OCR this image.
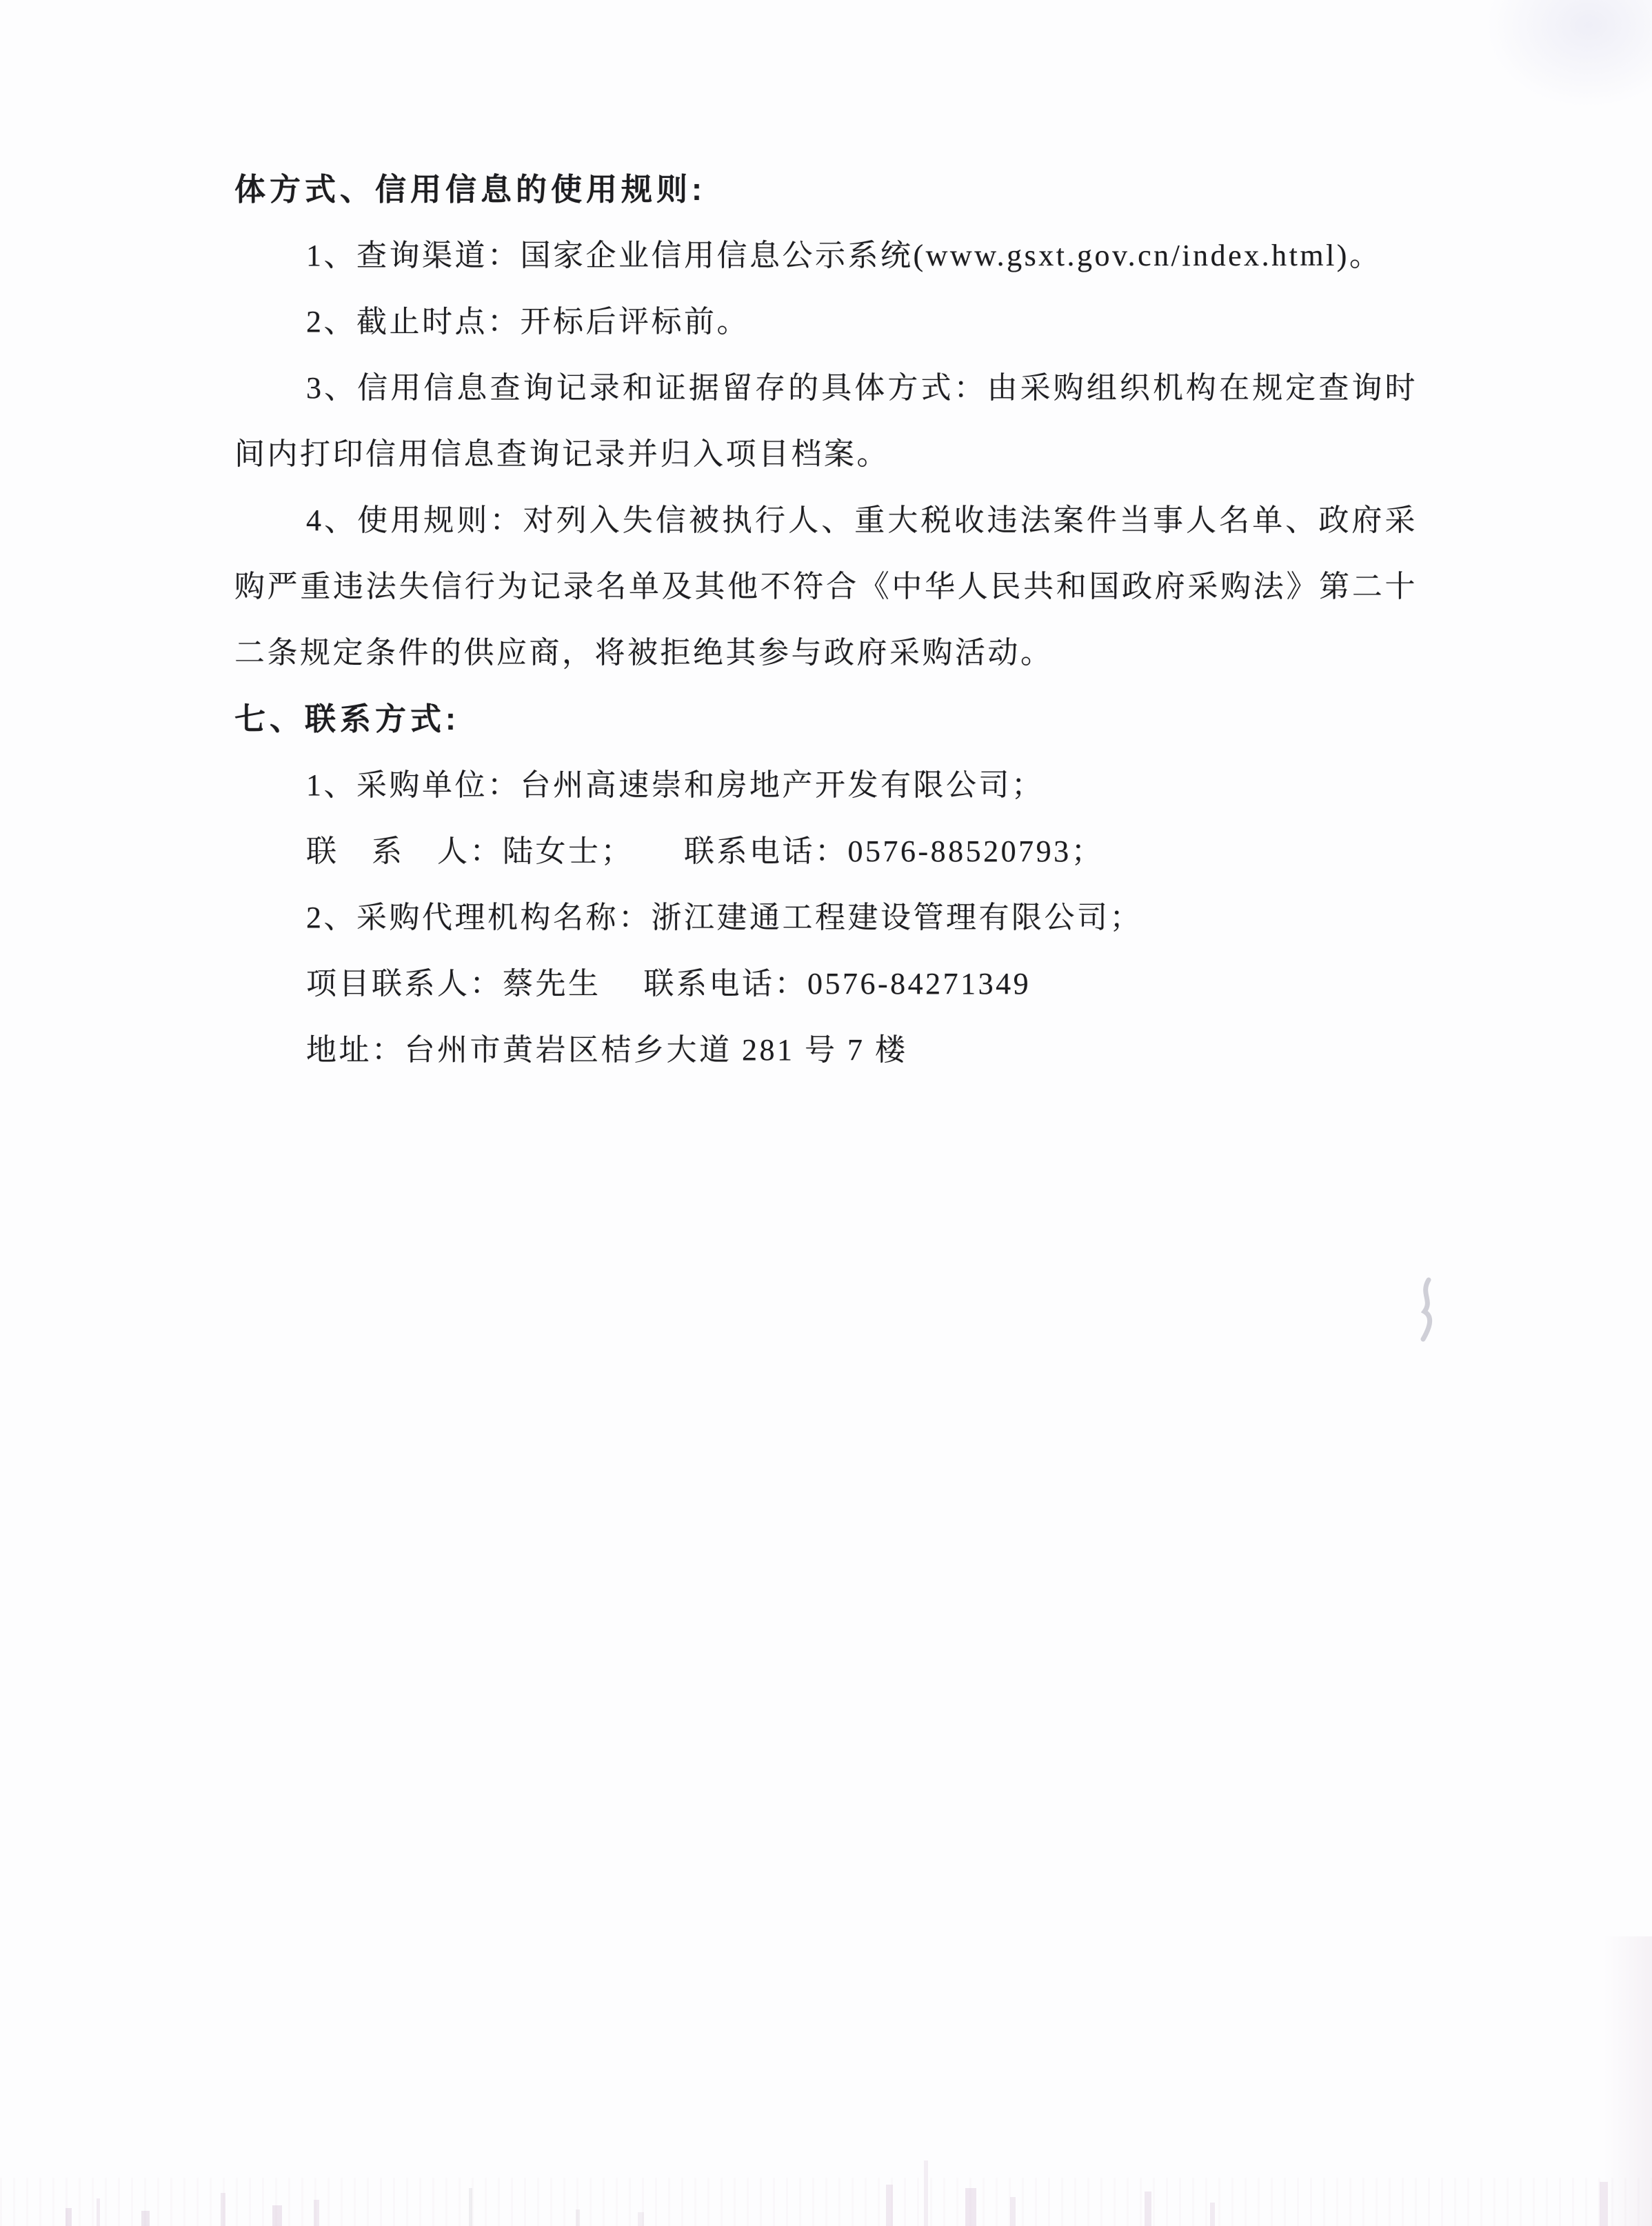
体方式、信用信息的使用规则:

1、查询渠道：国家企业信用信息公示系统(www.gsxt.gov.cn/index.html)。

2、截止时点：开标后评标前。

3、信用信息查询记录和证据留存的具体方式：由采购组织机构在规定查询时间内打印信用信息查询记录并归入项目档案。

4、使用规则：对列入失信被执行人、重大税收违法案件当事人名单、政府采购严重违法失信行为记录名单及其他不符合《中华人民共和国政府采购法》第二十二条规定条件的供应商，将被拒绝其参与政府采购活动。

七、联系方式:

1、采购单位：台州高速崇和房地产开发有限公司；

联　系　人：陆女士；　　联系电话：0576-88520793；

2、采购代理机构名称：浙江建通工程建设管理有限公司；

项目联系人：蔡先生　 联系电话：0576-84271349

地址：台州市黄岩区桔乡大道 281 号 7 楼
